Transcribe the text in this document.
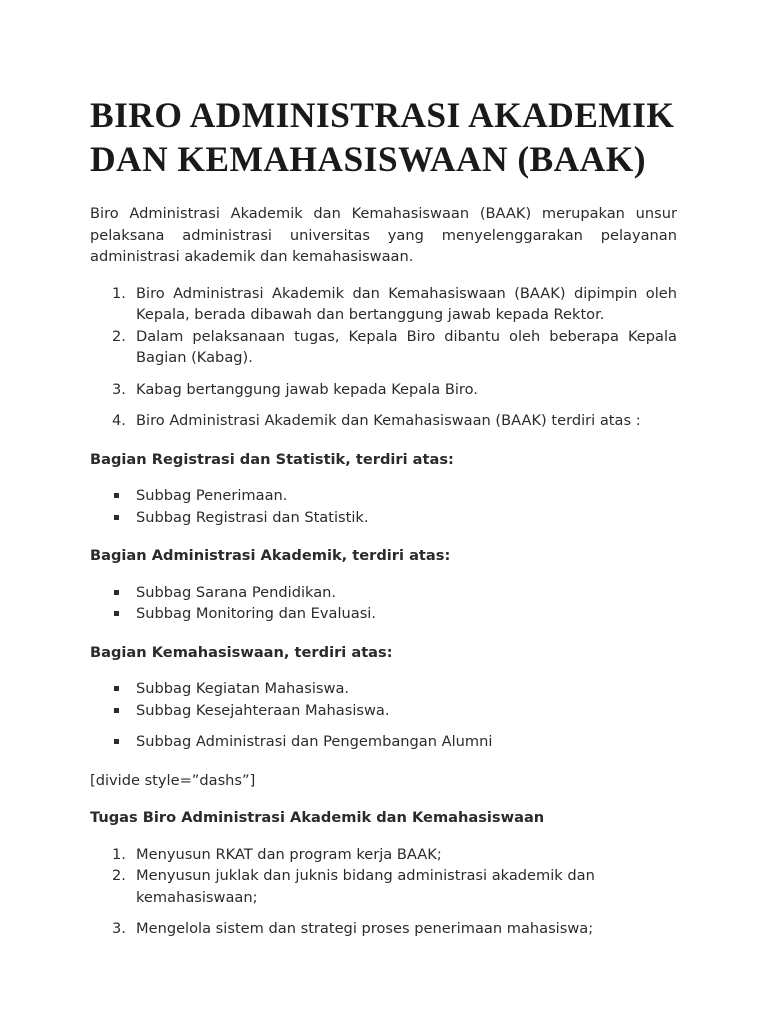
BIRO ADMINISTRASI AKADEMIK DAN KEMAHASISWAAN (BAAK)

Biro Administrasi Akademik dan Kemahasiswaan (BAAK) merupakan unsur pelaksana administrasi universitas yang menyelenggarakan pelayanan administrasi akademik dan kemahasiswaan.

1. Biro Administrasi Akademik dan Kemahasiswaan (BAAK) dipimpin oleh Kepala, berada dibawah dan bertanggung jawab kepada Rektor.
2. Dalam pelaksanaan tugas, Kepala Biro dibantu oleh beberapa Kepala Bagian (Kabag).
3. Kabag bertanggung jawab kepada Kepala Biro.
4. Biro Administrasi Akademik dan Kemahasiswaan (BAAK) terdiri atas :

Bagian Registrasi dan Statistik, terdiri atas:

Subbag Penerimaan.
Subbag Registrasi dan Statistik.

Bagian Administrasi Akademik, terdiri atas:

Subbag Sarana Pendidikan.
Subbag Monitoring dan Evaluasi.

Bagian Kemahasiswaan, terdiri atas:

Subbag Kegiatan Mahasiswa.
Subbag Kesejahteraan Mahasiswa.
Subbag Administrasi dan Pengembangan Alumni

[divide style=”dashs”]

Tugas Biro Administrasi Akademik dan Kemahasiswaan

1. Menyusun RKAT dan program kerja BAAK;
2. Menyusun juklak dan juknis bidang administrasi akademik dan kemahasiswaan;
3. Mengelola sistem dan strategi proses penerimaan mahasiswa;
